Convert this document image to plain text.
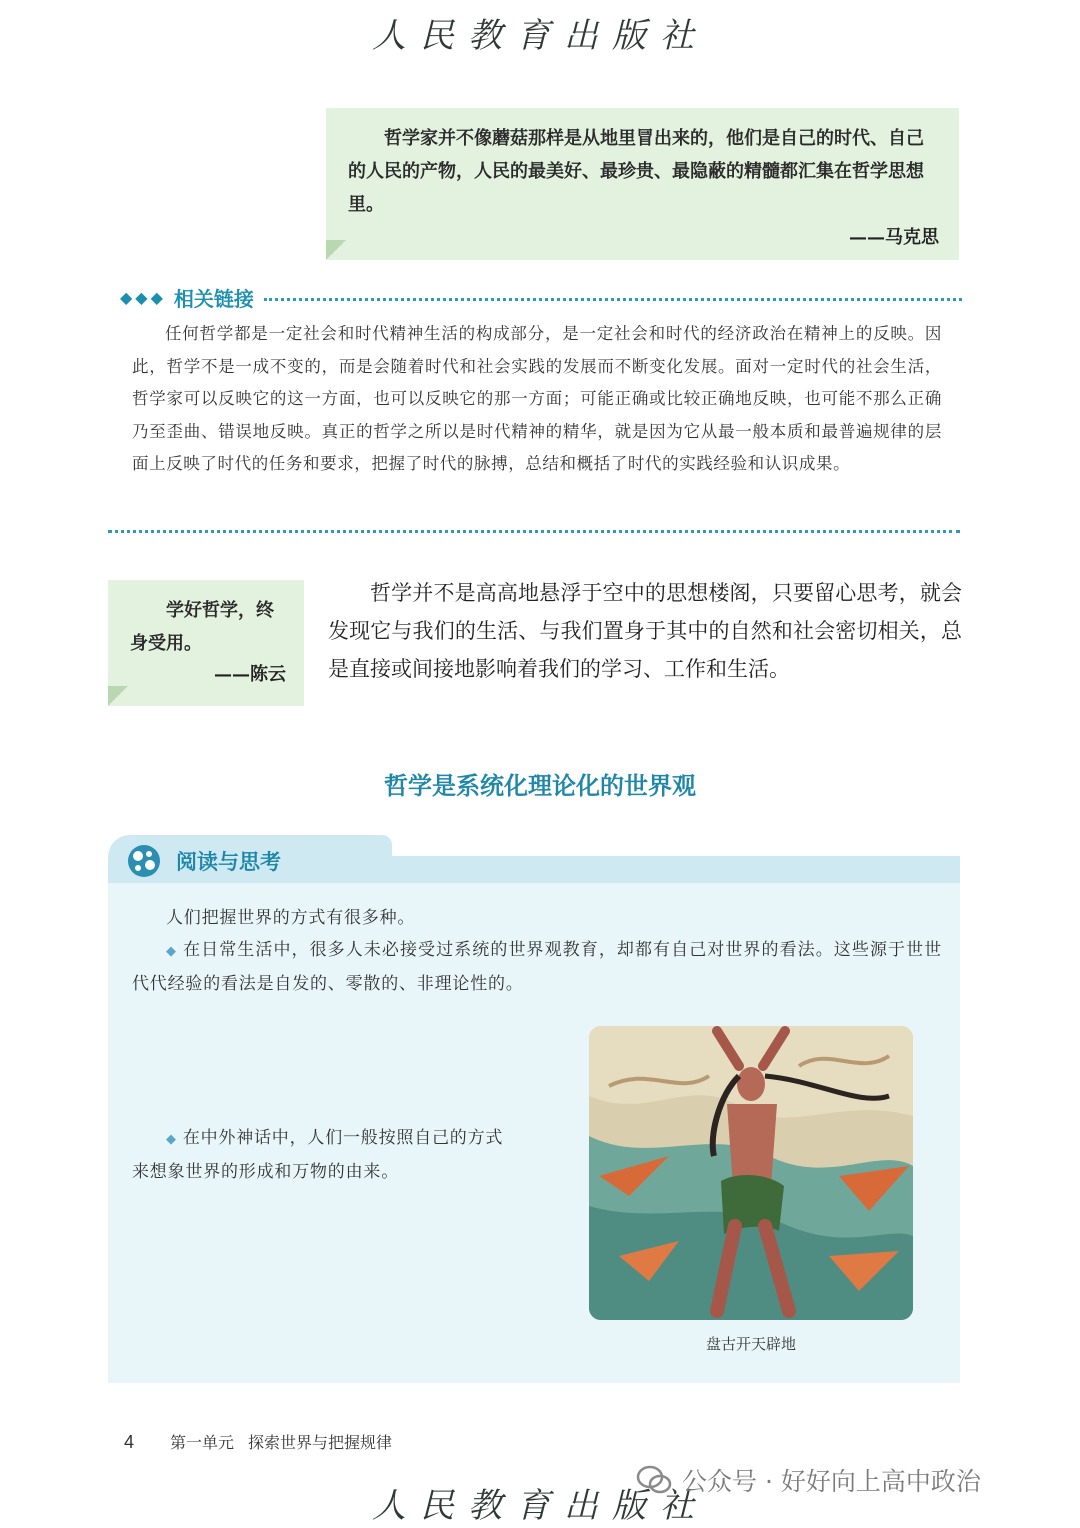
人民教育出版社

哲学家并不像蘑菇那样是从地里冒出来的，他们是自己的时代、自己的人民的产物，人民的最美好、最珍贵、最隐蔽的精髓都汇集在哲学思想里。

——马克思

◆◆◆ 相关链接

任何哲学都是一定社会和时代精神生活的构成部分，是一定社会和时代的经济政治在精神上的反映。因此，哲学不是一成不变的，而是会随着时代和社会实践的发展而不断变化发展。面对一定时代的社会生活，哲学家可以反映它的这一方面，也可以反映它的那一方面；可能正确或比较正确地反映，也可能不那么正确乃至歪曲、错误地反映。真正的哲学之所以是时代精神的精华，就是因为它从最一般本质和最普遍规律的层面上反映了时代的任务和要求，把握了时代的脉搏，总结和概括了时代的实践经验和认识成果。

学好哲学，终身受用。

——陈云

哲学并不是高高地悬浮于空中的思想楼阁，只要留心思考，就会发现它与我们的生活、与我们置身于其中的自然和社会密切相关，总是直接或间接地影响着我们的学习、工作和生活。

哲学是系统化理论化的世界观
阅读与思考

人们把握世界的方式有很多种。

◆ 在日常生活中，很多人未必接受过系统的世界观教育，却都有自己对世界的看法。这些源于世世代代经验的看法是自发的、零散的、非理论性的。

◆ 在中外神话中，人们一般按照自己的方式来想象世界的形成和万物的由来。

盘古开天辟地
4 第一单元 探索世界与把握规律
人民教育出版社
公众号 · 好好向上高中政治
